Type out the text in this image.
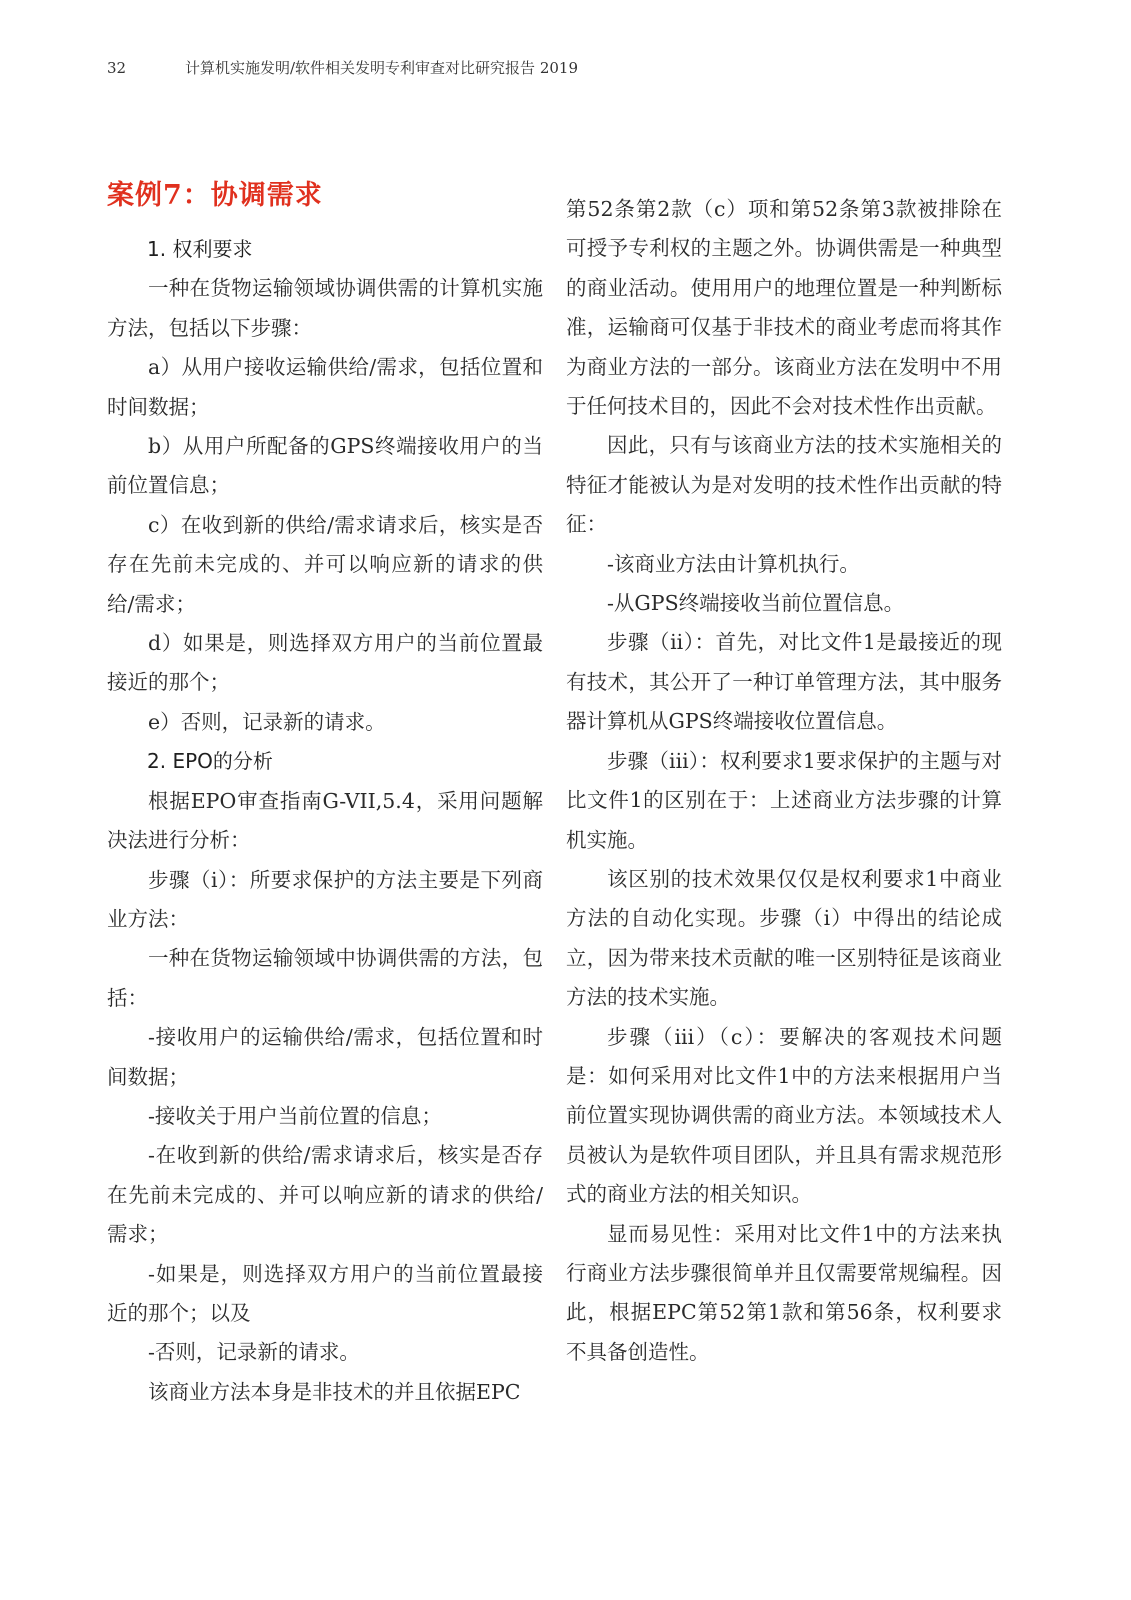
32	计算机实施发明/软件相关发明专利审查对比研究报告 2019
案例7：协调需求

1. 权利要求

一种在货物运输领域协调供需的计算机实施方法，包括以下步骤：

a）从用户接收运输供给/需求，包括位置和时间数据；

b）从用户所配备的GPS终端接收用户的当前位置信息；

c）在收到新的供给/需求请求后，核实是否存在先前未完成的、并可以响应新的请求的供给/需求；

d）如果是，则选择双方用户的当前位置最接近的那个；

e）否则，记录新的请求。

2. EPO的分析

根据EPO审查指南G-VII,5.4，采用问题解决法进行分析：

步骤（i）：所要求保护的方法主要是下列商业方法：

一种在货物运输领域中协调供需的方法，包括：

-接收用户的运输供给/需求，包括位置和时间数据；

-接收关于用户当前位置的信息；

-在收到新的供给/需求请求后，核实是否存在先前未完成的、并可以响应新的请求的供给/需求；

-如果是，则选择双方用户的当前位置最接近的那个；以及

-否则，记录新的请求。

该商业方法本身是非技术的并且依据EPC

第52条第2款（c）项和第52条第3款被排除在可授予专利权的主题之外。协调供需是一种典型的商业活动。使用用户的地理位置是一种判断标准，运输商可仅基于非技术的商业考虑而将其作为商业方法的一部分。该商业方法在发明中不用于任何技术目的，因此不会对技术性作出贡献。

因此，只有与该商业方法的技术实施相关的特征才能被认为是对发明的技术性作出贡献的特征：

-该商业方法由计算机执行。

-从GPS终端接收当前位置信息。

步骤（ii）：首先，对比文件1是最接近的现有技术，其公开了一种订单管理方法，其中服务器计算机从GPS终端接收位置信息。

步骤（iii）：权利要求1要求保护的主题与对比文件1的区别在于：上述商业方法步骤的计算机实施。

该区别的技术效果仅仅是权利要求1中商业方法的自动化实现。步骤（i）中得出的结论成立，因为带来技术贡献的唯一区别特征是该商业方法的技术实施。

步骤（iii）（c）：要解决的客观技术问题是：如何采用对比文件1中的方法来根据用户当前位置实现协调供需的商业方法。本领域技术人员被认为是软件项目团队，并且具有需求规范形式的商业方法的相关知识。

显而易见性：采用对比文件1中的方法来执行商业方法步骤很简单并且仅需要常规编程。因此，根据EPC第52第1款和第56条，权利要求不具备创造性。
